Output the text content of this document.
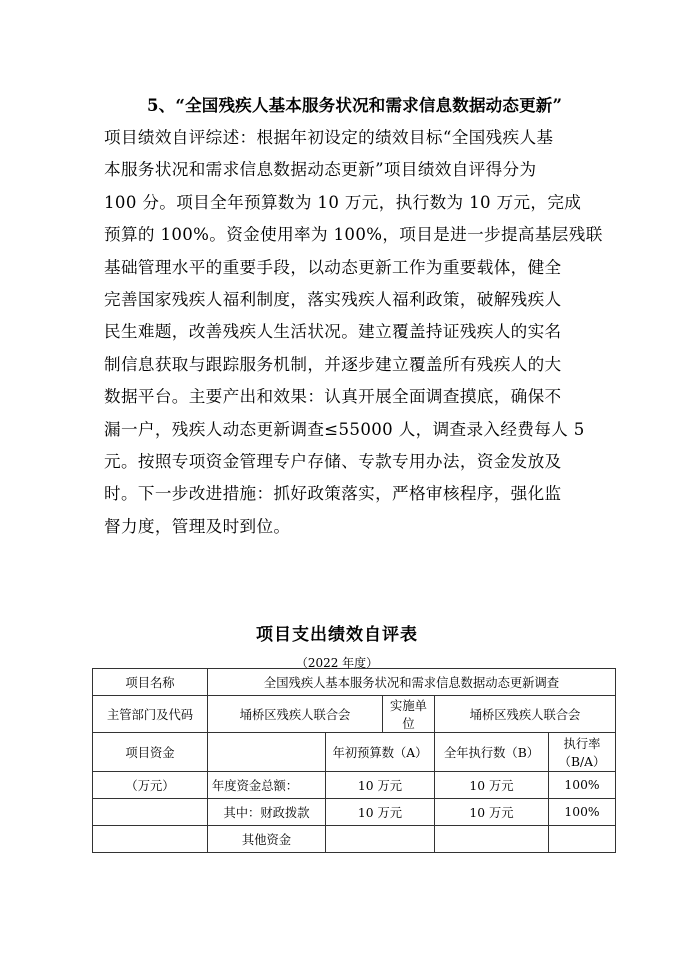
5、“全国残疾人基本服务状况和需求信息数据动态更新”
项目绩效自评综述：根据年初设定的绩效目标“全国残疾人基
本服务状况和需求信息数据动态更新”项目绩效自评得分为
100 分。项目全年预算数为 10 万元，执行数为 10 万元，完成
预算的 100%。资金使用率为 100%，项目是进一步提高基层残联
基础管理水平的重要手段，以动态更新工作为重要载体，健全
完善国家残疾人福利制度，落实残疾人福利政策，破解残疾人
民生难题，改善残疾人生活状况。建立覆盖持证残疾人的实名
制信息获取与跟踪服务机制，并逐步建立覆盖所有残疾人的大
数据平台。主要产出和效果：认真开展全面调查摸底，确保不
漏一户，残疾人动态更新调查≤55000 人，调查录入经费每人 5
元。按照专项资金管理专户存储、专款专用办法，资金发放及
时。下一步改进措施：抓好政策落实，严格审核程序，强化监
督力度，管理及时到位。
项目支出绩效自评表
（2022 年度）
项目名称	全国残疾人基本服务状况和需求信息数据动态更新调查				
主管部门及代码	埇桥区残疾人联合会		实施单位	埇桥区残疾人联合会	
项目资金		年初预算数（A）		全年执行数（B）	执行率
（B/A）

（万元）	年度资金总额：	10 万元		10 万元	100%
	其中：财政拨款	10 万元		10 万元	100%
	其他资金				
